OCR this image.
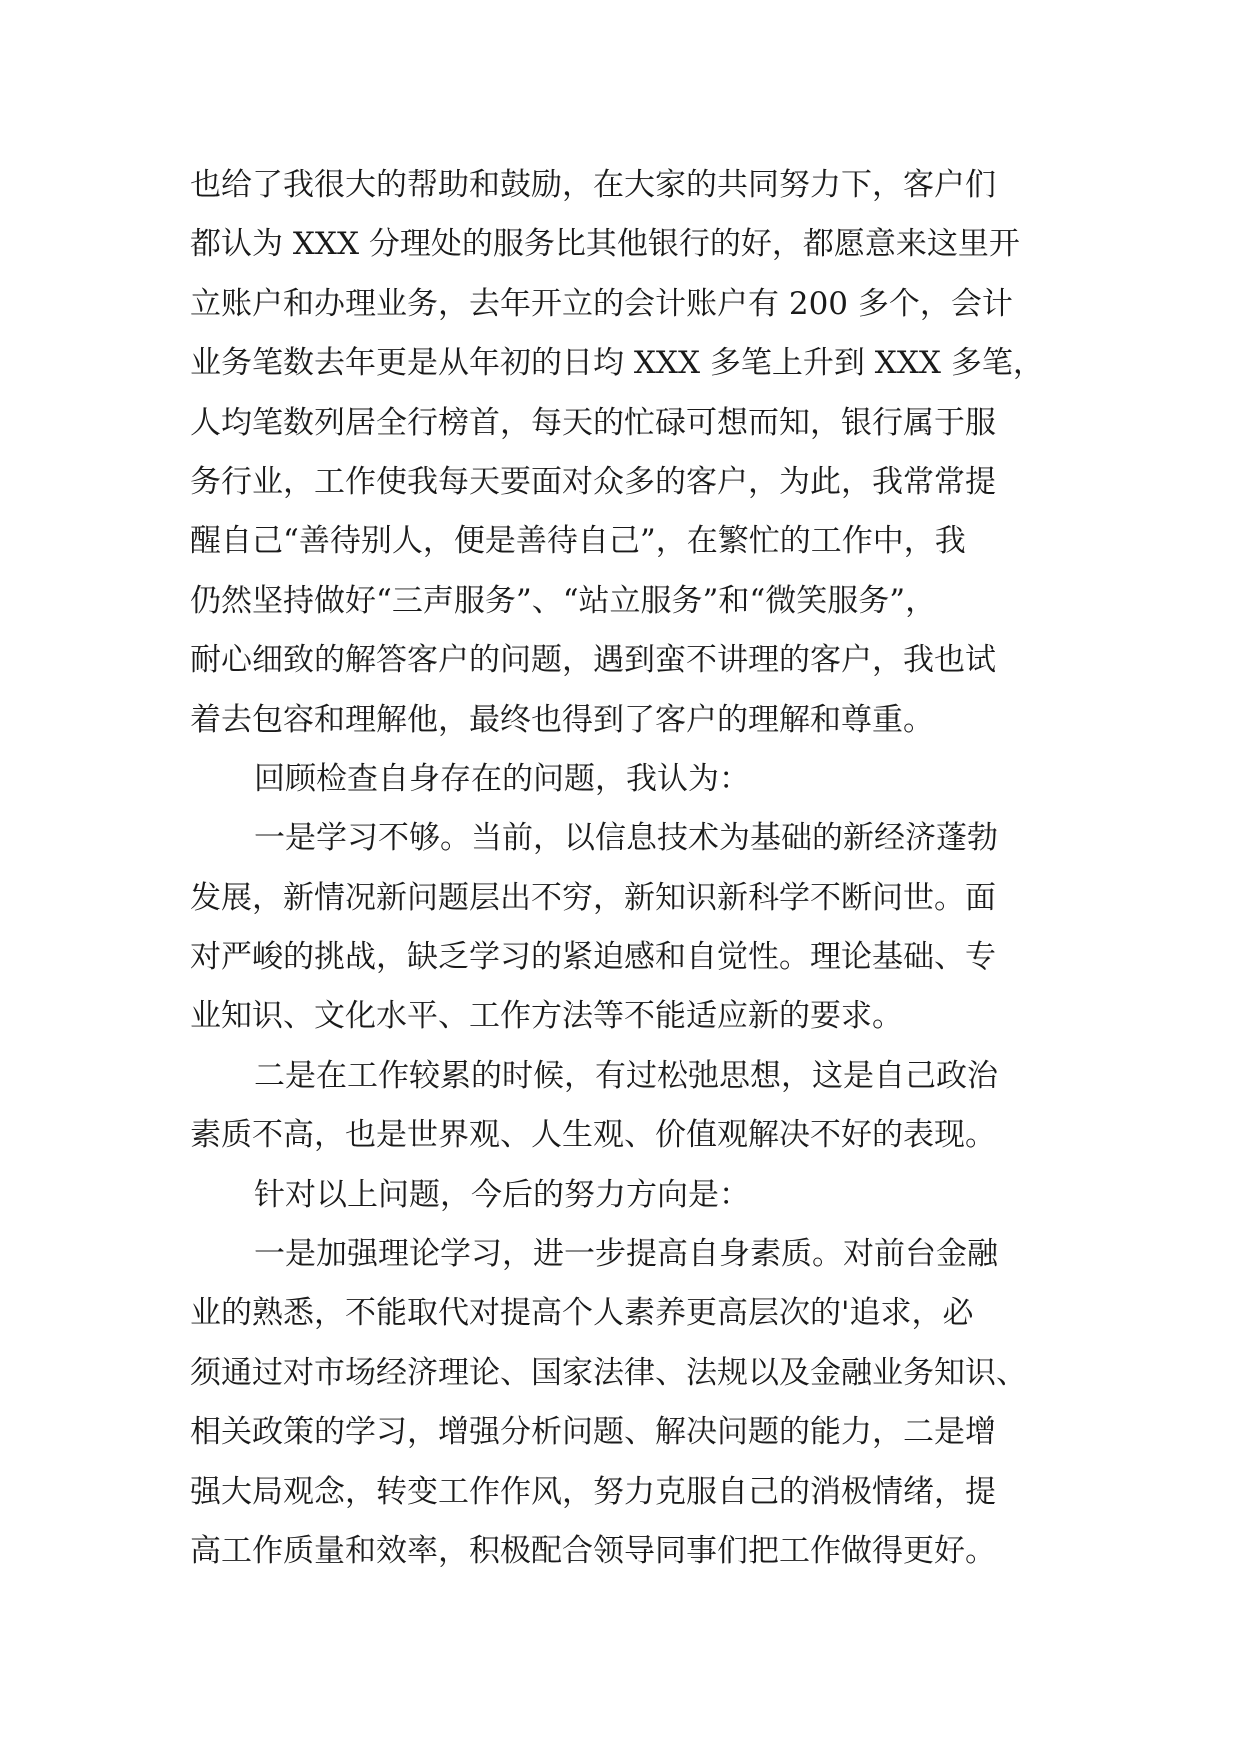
也给了我很大的帮助和鼓励，在大家的共同努力下，客户们
都认为 XXX 分理处的服务比其他银行的好，都愿意来这里开
立账户和办理业务，去年开立的会计账户有 200 多个，会计
业务笔数去年更是从年初的日均 XXX 多笔上升到 XXX 多笔，
人均笔数列居全行榜首，每天的忙碌可想而知，银行属于服
务行业，工作使我每天要面对众多的客户，为此，我常常提
醒自己“善待别人，便是善待自己”，在繁忙的工作中，我
仍然坚持做好“三声服务”、“站立服务”和“微笑服务”，
耐心细致的解答客户的问题，遇到蛮不讲理的客户，我也试
着去包容和理解他，最终也得到了客户的理解和尊重。
回顾检查自身存在的问题，我认为：
一是学习不够。当前，以信息技术为基础的新经济蓬勃
发展，新情况新问题层出不穷，新知识新科学不断问世。面
对严峻的挑战，缺乏学习的紧迫感和自觉性。理论基础、专
业知识、文化水平、工作方法等不能适应新的要求。
二是在工作较累的时候，有过松弛思想，这是自己政治
素质不高，也是世界观、人生观、价值观解决不好的表现。
针对以上问题，今后的努力方向是：
一是加强理论学习，进一步提高自身素质。对前台金融
业的熟悉，不能取代对提高个人素养更高层次的'追求，必
须通过对市场经济理论、国家法律、法规以及金融业务知识、
相关政策的学习，增强分析问题、解决问题的能力，二是增
强大局观念，转变工作作风，努力克服自己的消极情绪，提
高工作质量和效率，积极配合领导同事们把工作做得更好。
